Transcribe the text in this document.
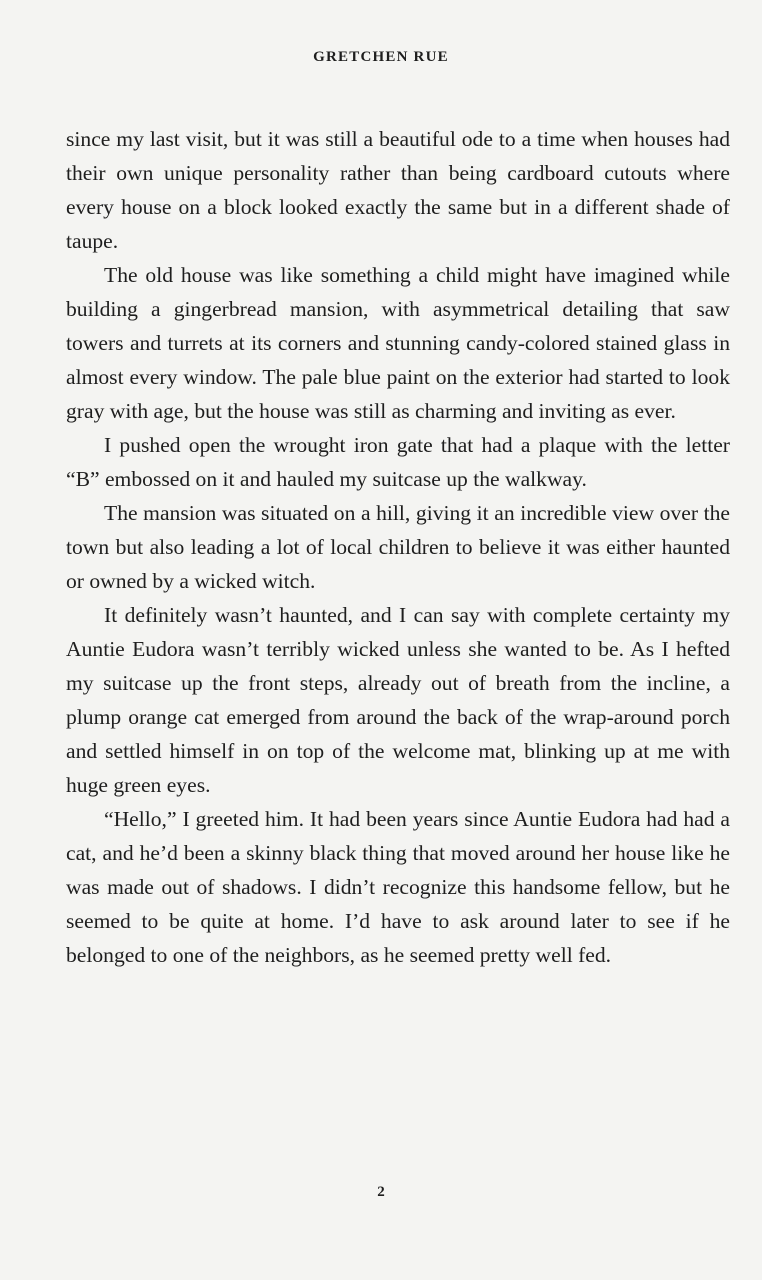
GRETCHEN RUE

since my last visit, but it was still a beautiful ode to a time when houses had their own unique personality rather than being cardboard cutouts where every house on a block looked exactly the same but in a different shade of taupe.

The old house was like something a child might have imagined while building a gingerbread mansion, with asymmetrical detailing that saw towers and turrets at its corners and stunning candy-colored stained glass in almost every window. The pale blue paint on the exterior had started to look gray with age, but the house was still as charming and inviting as ever.

I pushed open the wrought iron gate that had a plaque with the letter “B” embossed on it and hauled my suitcase up the walkway.

The mansion was situated on a hill, giving it an incredible view over the town but also leading a lot of local children to believe it was either haunted or owned by a wicked witch.

It definitely wasn’t haunted, and I can say with complete certainty my Auntie Eudora wasn’t terribly wicked unless she wanted to be. As I hefted my suitcase up the front steps, already out of breath from the incline, a plump orange cat emerged from around the back of the wrap-around porch and settled himself in on top of the welcome mat, blinking up at me with huge green eyes.

“Hello,” I greeted him. It had been years since Auntie Eudora had had a cat, and he’d been a skinny black thing that moved around her house like he was made out of shadows. I didn’t recognize this handsome fellow, but he seemed to be quite at home. I’d have to ask around later to see if he belonged to one of the neighbors, as he seemed pretty well fed.

2
